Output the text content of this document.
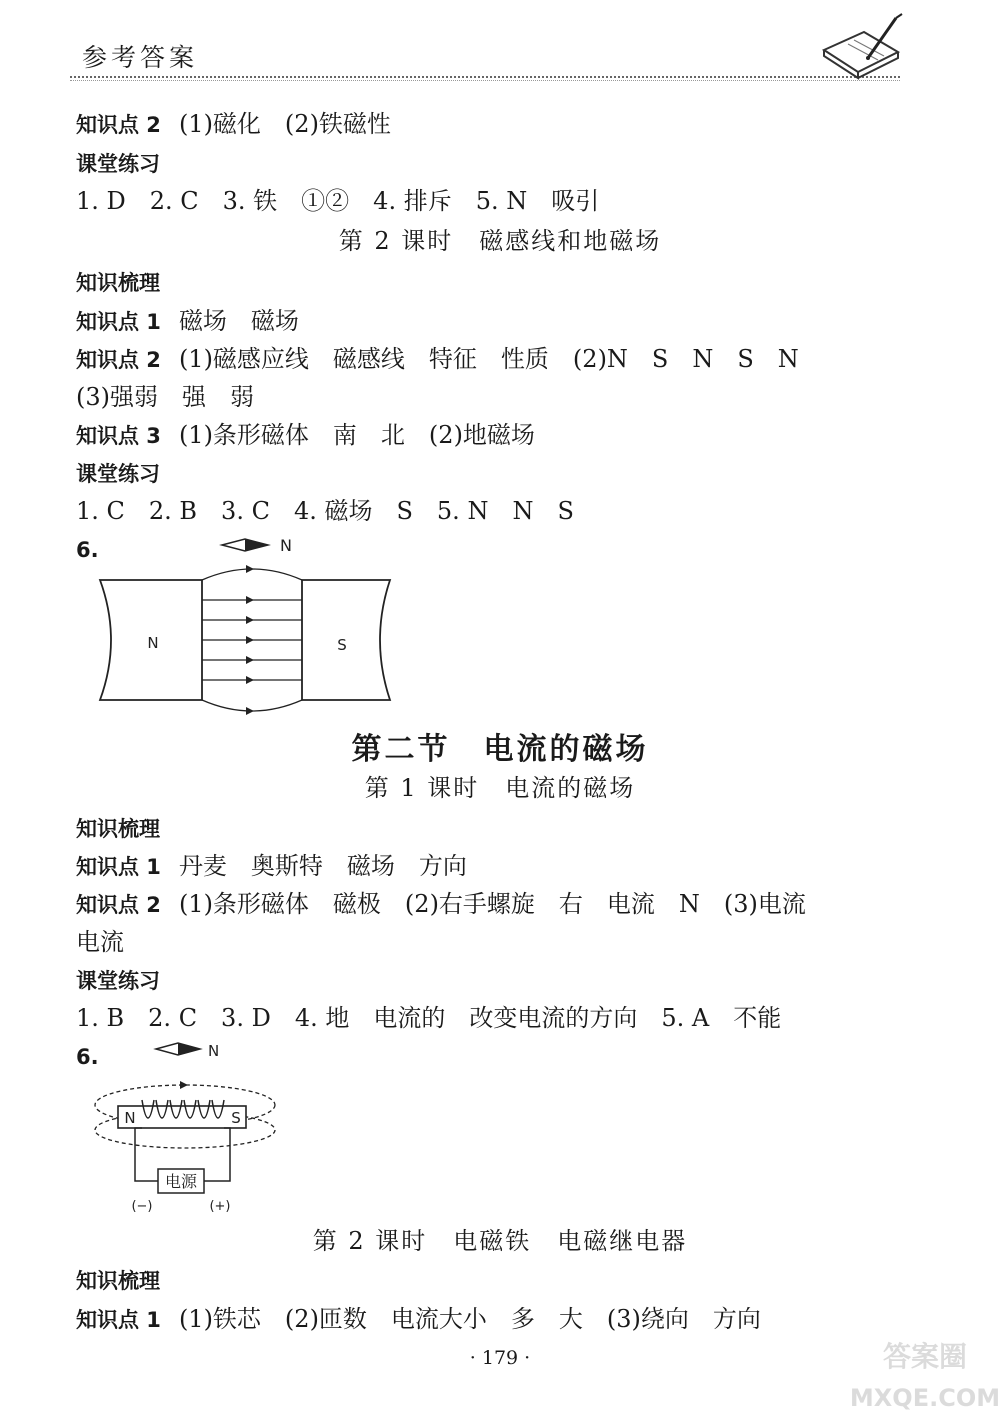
参考答案
知识点 2 (1)磁化　(2)铁磁性
课堂练习
1. D　2. C　3. 铁　①②　4. 排斥　5. N　吸引
第 2 课时　磁感线和地磁场
知识梳理
知识点 1 磁场　磁场
知识点 2 (1)磁感应线　磁感线　特征　性质　(2)N　S　N　S　N
(3)强弱　强　弱
知识点 3 (1)条形磁体　南　北　(2)地磁场
课堂练习
1. C　2. B　3. C　4. 磁场　S　5. N　N　S
6.	N
N	S
第二节　电流的磁场
第 1 课时　电流的磁场
知识梳理
知识点 1 丹麦　奥斯特　磁场　方向
知识点 2 (1)条形磁体　磁极　(2)右手螺旋　右　电流　N　(3)电流
电流
课堂练习
1. B　2. C　3. D　4. 地　电流的　改变电流的方向　5. A　不能
6.	N
N	S
电源
(−)	(+)
第 2 课时　电磁铁　电磁继电器
知识梳理
知识点 1 (1)铁芯　(2)匝数　电流大小　多　大　(3)绕向　方向
· 179 ·	答案圈
MXQE.COM
